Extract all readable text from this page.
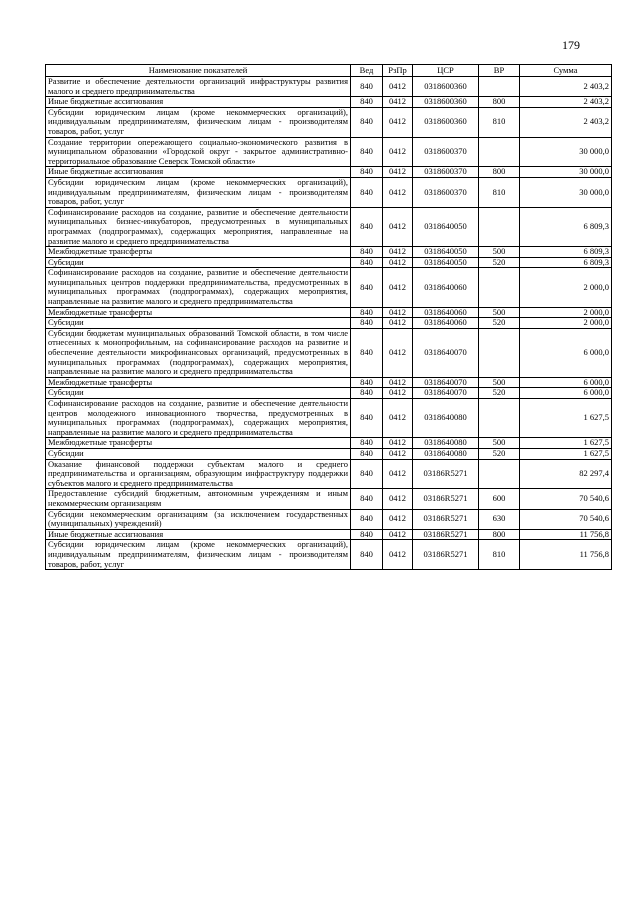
179
Наименование показателей	Вед	РзПр	ЦСР	ВР	Сумма
Развитие и обеспечение деятельности организаций инфраструктуры развития малого и среднего предпринимательства	840	0412	0318600360		2 403,2
Иные бюджетные ассигнования	840	0412	0318600360	800	2 403,2
Субсидии юридическим лицам (кроме некоммерческих организаций), индивидуальным предпринимателям, физическим лицам - производителям товаров, работ, услуг	840	0412	0318600360	810	2 403,2
Создание территории опережающего социально-экономического развития в муниципальном образовании «Городской округ - закрытое административно-территориальное образование Северск Томской области»	840	0412	0318600370		30 000,0
Иные бюджетные ассигнования	840	0412	0318600370	800	30 000,0
Субсидии юридическим лицам (кроме некоммерческих организаций), индивидуальным предпринимателям, физическим лицам - производителям товаров, работ, услуг	840	0412	0318600370	810	30 000,0
Софинансирование расходов на создание, развитие и обеспечение деятельности муниципальных бизнес-инкубаторов, предусмотренных в муниципальных программах (подпрограммах), содержащих мероприятия, направленные на развитие малого и среднего предпринимательства	840	0412	0318640050		6 809,3
Межбюджетные трансферты	840	0412	0318640050	500	6 809,3
Субсидии	840	0412	0318640050	520	6 809,3
Софинансирование расходов на создание, развитие и обеспечение деятельности муниципальных центров поддержки предпринимательства, предусмотренных в муниципальных программах (подпрограммах), содержащих мероприятия, направленные на развитие малого и среднего предпринимательства	840	0412	0318640060		2 000,0
Межбюджетные трансферты	840	0412	0318640060	500	2 000,0
Субсидии	840	0412	0318640060	520	2 000,0
Субсидии бюджетам муниципальных образований Томской области, в том числе отнесенных к монопрофильным, на софинансирование расходов на развитие и обеспечение деятельности микрофинансовых организаций, предусмотренных в муниципальных программах (подпрограммах), содержащих мероприятия, направленные на развитие малого и среднего предпринимательства	840	0412	0318640070		6 000,0
Межбюджетные трансферты	840	0412	0318640070	500	6 000,0
Субсидии	840	0412	0318640070	520	6 000,0
Софинансирование расходов на создание, развитие и обеспечение деятельности центров молодежного инновационного творчества, предусмотренных в муниципальных программах (подпрограммах), содержащих мероприятия, направленные на развитие малого и среднего предпринимательства	840	0412	0318640080		1 627,5
Межбюджетные трансферты	840	0412	0318640080	500	1 627,5
Субсидии	840	0412	0318640080	520	1 627,5
Оказание финансовой поддержки субъектам малого и среднего предпринимательства и организациям, образующим инфраструктуру поддержки субъектов малого и среднего предпринимательства	840	0412	03186R5271		82 297,4
Предоставление субсидий бюджетным, автономным учреждениям и иным некоммерческим организациям	840	0412	03186R5271	600	70 540,6
Субсидии некоммерческим организациям (за исключением государственных (муниципальных) учреждений)	840	0412	03186R5271	630	70 540,6
Иные бюджетные ассигнования	840	0412	03186R5271	800	11 756,8
Субсидии юридическим лицам (кроме некоммерческих организаций), индивидуальным предпринимателям, физическим лицам - производителям товаров, работ, услуг	840	0412	03186R5271	810	11 756,8
